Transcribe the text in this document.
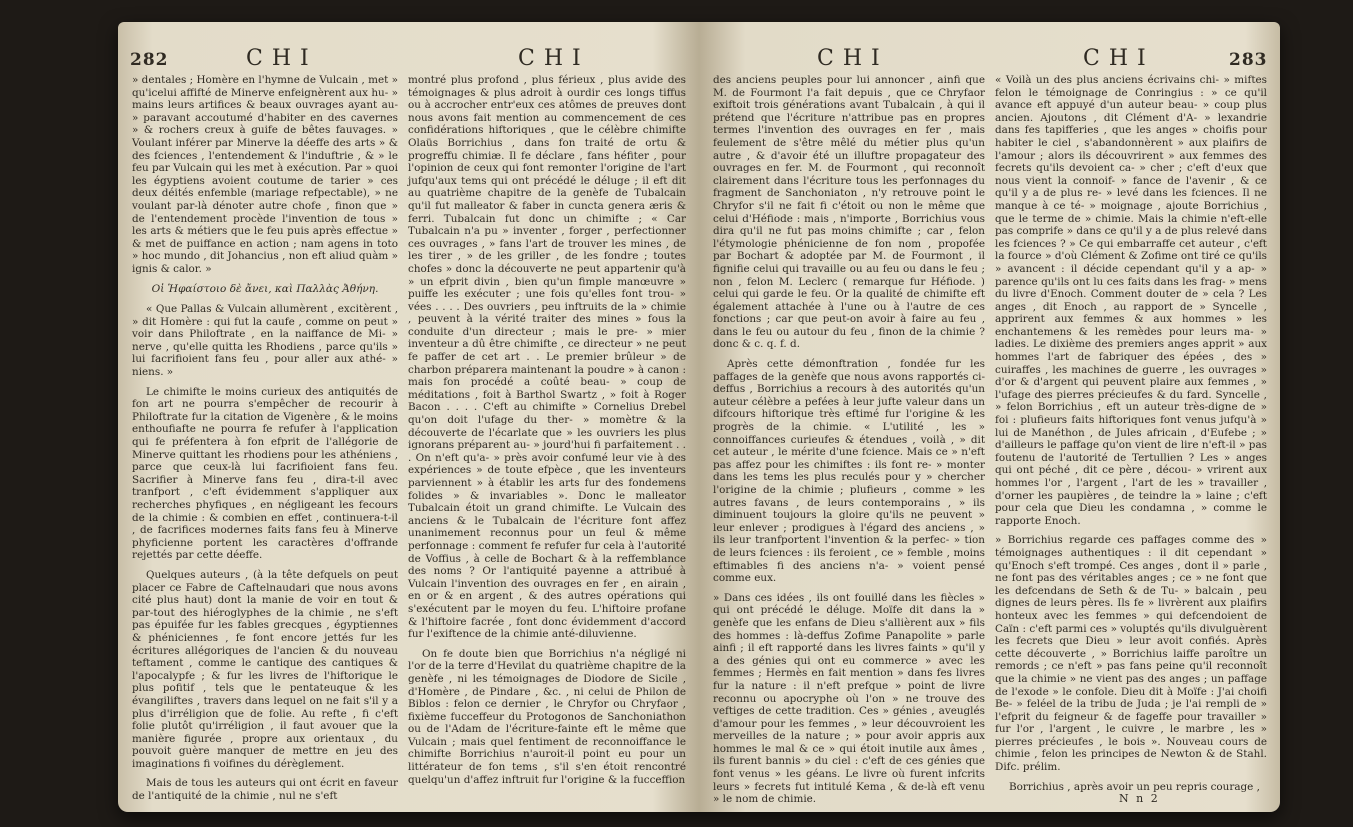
282	CHI	CHI

» dentales ; Homère en l'hymne de Vulcain , met » qu'icelui affifté de Minerve enfeignèrent aux hu- » mains leurs artifices & beaux ouvrages ayant au- » paravant accoutumé d'habiter en des cavernes » & rochers creux à guife de bêtes fauvages. » Voulant inférer par Minerve la déeffe des arts » & des fciences , l'entendement & l'induftrie , & » le feu par Vulcain qui les met à exécution. Par » quoi les égyptiens avoient coutume de tarier » ces deux déités enfemble (mariage refpectable), » ne voulant par-là dénoter autre chofe , finon que » de l'entendement procède l'invention de tous » les arts & métiers que le feu puis après effectue » & met de puiffance en action ; nam agens in toto » hoc mundo , dit Johancius , non eft aliud quàm » ignis & calor. »

Οἱ Ἡφαίστοιο δὲ ἄνει, καὶ Παλλὰς Ἀθήνη.

« Que Pallas & Vulcain allumèrent , excitèrent , » dit Homère : qui fut la caufe , comme on peut » voir dans Philoftrate , en la naiffance de Mi- » nerve , qu'elle quitta les Rhodiens , parce qu'ils » lui facrifioient fans feu , pour aller aux athé- » niens. »

Le chimifte le moins curieux des antiquités de fon art ne pourra s'empêcher de recourir à Philoftrate fur la citation de Vigenère , & le moins enthoufiafte ne pourra fe refufer à l'application qui fe préfentera à fon efprit de l'allégorie de Minerve quittant les rhodiens pour les athéniens , parce que ceux-là lui facrifioient fans feu. Sacrifier à Minerve fans feu , dira-t-il avec tranfport , c'eft évidemment s'appliquer aux recherches phyfiques , en négligeant les fecours de la chimie : & combien en effet , continuera-t-il , de facrifices modernes faits fans feu à Minerve phyficienne portent les caractères d'offrande rejettés par cette déeffe.

Quelques auteurs , (à la tête defquels on peut placer ce Fabre de Caftelnaudari que nous avons cité plus haut) dont la manie de voir en tout & par-tout des hiéroglyphes de la chimie , ne s'eft pas épuifée fur les fables grecques , égyptiennes & phéniciennes , fe font encore jettés fur les écritures allégoriques de l'ancien & du nouveau teftament , comme le cantique des cantiques & l'apocalypfe ; & fur les livres de l'hiftorique le plus pofitif , tels que le pentateuque & les évangiliftes , travers dans lequel on ne fait s'il y a plus d'irréligion que de folie. Au refte , fi c'eft folie plutôt qu'irréligion , il faut avouer que la manière figurée , propre aux orientaux , du pouvoit guère manquer de mettre en jeu des imaginations fi voifines du dérèglement.

Mais de tous les auteurs qui ont écrit en faveur de l'antiquité de la chimie , nul ne s'eft

montré plus profond , plus férieux , plus avide des témoignages & plus adroit à ourdir ces longs tiffus ou à accrocher entr'eux ces atômes de preuves dont nous avons fait mention au commencement de ces confidérations hiftoriques , que le célèbre chimifte Olaüs Borrichius , dans fon traité de ortu & progreffu chimiæ. Il fe déclare , fans héfiter , pour l'opinion de ceux qui font remonter l'origine de l'art jufqu'aux tems qui ont précédé le déluge ; il eft dit au quatrième chapitre de la genèfe de Tubalcain qu'il fut malleator & faber in cuncta genera æris & ferri. Tubalcain fut donc un chimifte ; « Car Tubalcain n'a pu » inventer , forger , perfectionner ces ouvrages , » fans l'art de trouver les mines , de les tirer , » de les griller , de les fondre ; toutes chofes » donc la découverte ne peut appartenir qu'à » un efprit divin , bien qu'un fimple manœuvre » puiffe les exécuter ; une fois qu'elles font trou- » vées . . . . Des ouvriers , peu inftruits de la » chimie , peuvent à la vérité traiter des mines » fous la conduite d'un directeur ; mais le pre- » mier inventeur a dû être chimifte , ce directeur » ne peut fe paffer de cet art . . Le premier brûleur » de charbon préparera maintenant la poudre » à canon : mais fon procédé a coûté beau- » coup de méditations , foit à Barthol Swartz , » foit à Roger Bacon . . . . C'eft au chimifte » Cornelius Drebel qu'on doit l'ufage du ther- » momètre & la découverte de l'écarlate que » les ouvriers les plus ignorans préparent au- » jourd'hui fi parfaitement . . . On n'eft qu'a- » près avoir confumé leur vie à des expériences » de toute efpèce , que les inventeurs parviennent » à établir les arts fur des fondemens folides » & invariables ». Donc le malleator Tubalcain étoit un grand chimifte. Le Vulcain des anciens & le Tubalcain de l'écriture font affez unanimement reconnus pour un feul & même perfonnage : comment fe refufer fur cela à l'autorité de Voffius , à celle de Bochart & à la reffemblance des noms ? Or l'antiquité payenne a attribué à Vulcain l'invention des ouvrages en fer , en airain , en or & en argent , & des autres opérations qui s'exécutent par le moyen du feu. L'hiftoire profane & l'hiftoire facrée , font donc évidemment d'accord fur l'exiftence de la chimie anté-diluvienne.

On fe doute bien que Borrichius n'a négligé ni l'or de la terre d'Hevilat du quatrième chapitre de la genèfe , ni les témoignages de Diodore de Sicile , d'Homère , de Pindare , &c. , ni celui de Philon de Biblos : felon ce dernier , le Chryfor ou Chryfaor , fixième fucceffeur du Protogonos de Sanchoniathon ou de l'Adam de l'écriture-fainte eft le même que Vulcain ; mais quel fentiment de reconnoiffance le chimifte Borrichius n'auroit-il point eu pour un littérateur de fon tems , s'il s'en étoit rencontré quelqu'un d'affez inftruit fur l'origine & la fucceffion

CHI	CHI	283

des anciens peuples pour lui annoncer , ainfi que M. de Fourmont l'a fait depuis , que ce Chryfaor exiftoit trois générations avant Tubalcain , à qui il prétend que l'écriture n'attribue pas en propres termes l'invention des ouvrages en fer , mais feulement de s'être mêlé du métier plus qu'un autre , & d'avoir été un illuftre propagateur des ouvrages en fer. M. de Fourmont , qui reconnoît clairement dans l'écriture tous les perfonnages du fragment de Sanchoniaton , n'y retrouve point le Chryfor s'il ne fait fi c'étoit ou non le même que celui d'Héfiode : mais , n'importe , Borrichius vous dira qu'il ne fut pas moins chimifte ; car , felon l'étymologie phénicienne de fon nom , propofée par Bochart & adoptée par M. de Fourmont , il fignifie celui qui travaille ou au feu ou dans le feu ; non , felon M. Leclerc ( remarque fur Héfiode. ) celui qui garde le feu. Or la qualité de chimifte eft également attachée à l'une ou à l'autre de ces fonctions ; car que peut-on avoir à faire au feu , dans le feu ou autour du feu , finon de la chimie ? donc & c. q. f. d.

Après cette démonftration , fondée fur les paffages de la genèfe que nous avons rapportés ci-deffus , Borrichius a recours à des autorités qu'un auteur célèbre a pefées à leur jufte valeur dans un difcours hiftorique très eftimé fur l'origine & les progrès de la chimie. « L'utilité , les » connoiffances curieufes & étendues , voilà , » dit cet auteur , le mérite d'une fcience. Mais ce » n'eft pas affez pour les chimiftes : ils font re- » monter dans les tems les plus reculés pour y » chercher l'origine de la chimie ; plufieurs , comme » les autres favans , de leurs contemporains , » ils diminuent toujours la gloire qu'ils ne peuvent » leur enlever ; prodigues à l'égard des anciens , » ils leur tranfportent l'invention & la perfec- » tion de leurs fciences : ils feroient , ce » femble , moins eftimables fi des anciens n'a- » voient pensé comme eux.

» Dans ces idées , ils ont fouillé dans les fiècles » qui ont précédé le déluge. Moïfe dit dans la » genèfe que les enfans de Dieu s'allièrent aux » fils des hommes : là-deffus Zofime Panapolite » parle ainfi ; il eft rapporté dans les livres faints » qu'il y a des génies qui ont eu commerce » avec les femmes ; Hermès en fait mention » dans fes livres fur la nature : il n'eft prefque » point de livre reconnu ou apocryphe où l'on » ne trouve des veftiges de cette tradition. Ces » génies , aveuglés d'amour pour les femmes , » leur découvroient les merveilles de la nature ; » pour avoir appris aux hommes le mal & ce » qui étoit inutile aux âmes , ils furent bannis » du ciel : c'eft de ces génies que font venus » les géans. Le livre où furent infcrits leurs » fecrets fut intitulé Kema , & de-là eft venu » le nom de chimie.

« Voilà un des plus anciens écrivains chi- » miftes felon le témoignage de Conringius : » ce qu'il avance eft appuyé d'un auteur beau- » coup plus ancien. Ajoutons , dit Clément d'A- » lexandrie dans fes tapifferies , que les anges » choifis pour habiter le ciel , s'abandonnèrent » aux plaifirs de l'amour ; alors ils découvrirent » aux femmes des fecrets qu'ils devoient ca- » cher ; c'eft d'eux que nous vient la connoif- » fance de l'avenir , & ce qu'il y a de plus re- » levé dans les fciences. Il ne manque à ce té- » moignage , ajoute Borrichius , que le terme de » chimie. Mais la chimie n'eft-elle pas comprife » dans ce qu'il y a de plus relevé dans les fciences ? » Ce qui embarraffe cet auteur , c'eft la fource » d'où Clément & Zofime ont tiré ce qu'ils » avancent : il décide cependant qu'il y a ap- » parence qu'ils ont lu ces faits dans les frag- » mens du livre d'Enoch. Comment douter de » cela ? Les anges , dit Enoch , au rapport de » Syncelle , apprirent aux femmes & aux hommes » les enchantemens & les remèdes pour leurs ma- » ladies. Le dixième des premiers anges apprit » aux hommes l'art de fabriquer des épées , des » cuiraffes , les machines de guerre , les ouvrages » d'or & d'argent qui peuvent plaire aux femmes , » l'ufage des pierres précieufes & du fard. Syncelle , » felon Borrichius , eft un auteur très-digne de » foi : plufieurs faits hiftoriques font venus jufqu'à » lui de Manéthon , de Jules africain , d'Eufebe ; » d'ailleurs le paffage qu'on vient de lire n'eft-il » pas foutenu de l'autorité de Tertullien ? Les » anges qui ont péché , dit ce père , décou- » vrirent aux hommes l'or , l'argent , l'art de les » travailler , d'orner les paupières , de teindre la » laine ; c'eft pour cela que Dieu les condamna , » comme le rapporte Enoch.

» Borrichius regarde ces paffages comme des » témoignages authentiques : il dit cependant » qu'Enoch s'eft trompé. Ces anges , dont il » parle , ne font pas des véritables anges ; ce » ne font que les defcendans de Seth & de Tu- » balcain , peu dignes de leurs pères. Ils fe » livrèrent aux plaifirs honteux avec les femmes » qui defcendoient de Caïn : c'eft parmi ces » voluptés qu'ils divulguèrent les fecrets que Dieu » leur avoit confiés. Après cette découverte , » Borrichius laiffe paroître un remords ; ce n'eft » pas fans peine qu'il reconnoît que la chimie » ne vient pas des anges ; un paffage de l'exode » le confole. Dieu dit à Moïfe : J'ai choifi Be- » feléel de la tribu de Juda ; je l'ai rempli de » l'efprit du feigneur & de fageffe pour travailler » fur l'or , l'argent , le cuivre , le marbre , les » pierres précieufes , le bois ». Nouveau cours de chimie , felon les principes de Newton & de Stahl. Difc. prélim.

Borrichius , après avoir un peu repris courage ,

N n 2
